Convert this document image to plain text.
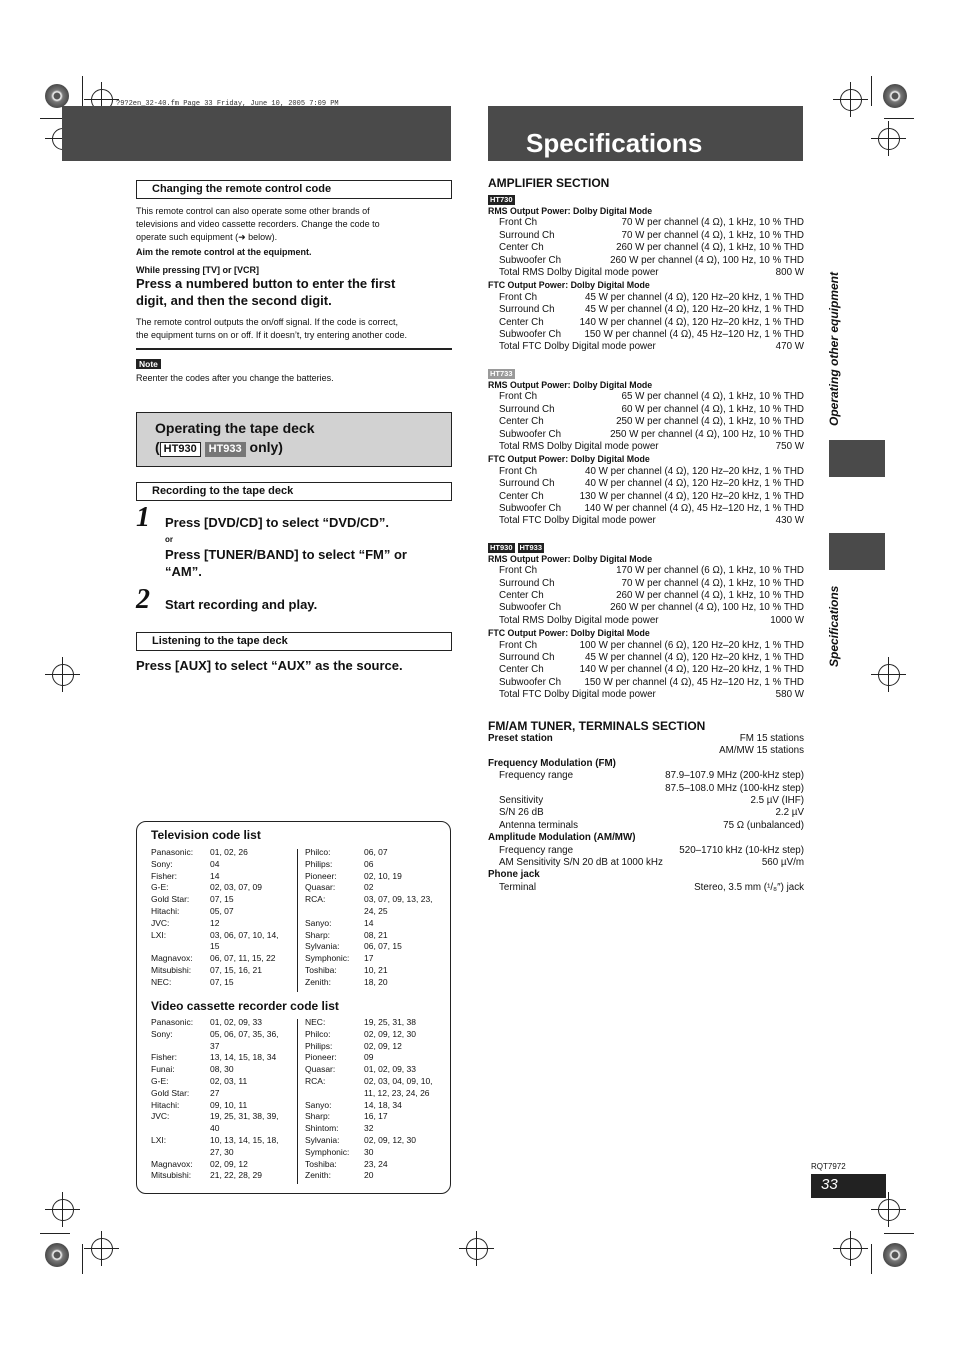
?9?2en_32-40.fm Page 33 Friday, June 10, 2005 7:09 PM
Specifications
Changing the remote control code
This remote control can also operate some other brands of
televisions and video cassette recorders. Change the code to
operate such equipment (➜ below).
Aim the remote control at the equipment.
While pressing [TV] or [VCR]
Press a numbered button to enter the first
digit, and then the second digit.
The remote control outputs the on/off signal. If the code is correct,
the equipment turns on or off. If it doesn’t, try entering another code.
Note
Reenter the codes after you change the batteries.
Operating the tape deck
( HT930 HT933 only)
Recording to the tape deck
1 Press [DVD/CD] to select “DVD/CD”.
or
Press [TUNER/BAND] to select “FM” or
“AM”.
2 Start recording and play.
Listening to the tape deck
Press [AUX] to select “AUX” as the source.
Television code list
Panasonic:	01, 02, 26
Sony:	04
Fisher:	14
G-E:	02, 03, 07, 09
Gold Star:	07, 15
Hitachi:	05, 07
JVC:	12
LXI:	03, 06, 07, 10, 14,
15
Magnavox:	06, 07, 11, 15, 22
Mitsubishi:	07, 15, 16, 21
NEC:	07, 15
Philco:	06, 07
Philips:	06
Pioneer:	02, 10, 19
Quasar:	02
RCA:	03, 07, 09, 13, 23,
24, 25
Sanyo:	14
Sharp:	08, 21
Sylvania:	06, 07, 15
Symphonic:	17
Toshiba:	10, 21
Zenith:	18, 20
Video cassette recorder code list
Panasonic:	01, 02, 09, 33
Sony:	05, 06, 07, 35, 36,
37
Fisher:	13, 14, 15, 18, 34
Funai:	08, 30
G-E:	02, 03, 11
Gold Star:	27
Hitachi:	09, 10, 11
JVC:	19, 25, 31, 38, 39,
40
LXI:	10, 13, 14, 15, 18,
27, 30
Magnavox:	02, 09, 12
Mitsubishi:	21, 22, 28, 29
NEC:	19, 25, 31, 38
Philco:	02, 09, 12, 30
Philips:	02, 09, 12
Pioneer:	09
Quasar:	01, 02, 09, 33
RCA:	02, 03, 04, 09, 10,
11, 12, 23, 24, 26
Sanyo:	14, 18, 34
Sharp:	16, 17
Shintom:	32
Sylvania:	02, 09, 12, 30
Symphonic:	30
Toshiba:	23, 24
Zenith:	20
AMPLIFIER SECTION
HT730
RMS Output Power: Dolby Digital Mode
Front Ch	70 W per channel (4 Ω), 1 kHz, 10 % THD
Surround Ch	70 W per channel (4 Ω), 1 kHz, 10 % THD
Center Ch	260 W per channel (4 Ω), 1 kHz, 10 % THD
Subwoofer Ch	260 W per channel (4 Ω), 100 Hz, 10 % THD
Total RMS Dolby Digital mode power	800 W
FTC Output Power: Dolby Digital Mode
Front Ch	45 W per channel (4 Ω), 120 Hz–20 kHz, 1 % THD
Surround Ch	45 W per channel (4 Ω), 120 Hz–20 kHz, 1 % THD
Center Ch	140 W per channel (4 Ω), 120 Hz–20 kHz, 1 % THD
Subwoofer Ch 150 W per channel (4 Ω), 45 Hz–120 Hz, 1 % THD
Total FTC Dolby Digital mode power	470 W
HT733
RMS Output Power: Dolby Digital Mode
Front Ch	65 W per channel (4 Ω), 1 kHz, 10 % THD
Surround Ch	60 W per channel (4 Ω), 1 kHz, 10 % THD
Center Ch	250 W per channel (4 Ω), 1 kHz, 10 % THD
Subwoofer Ch	250 W per channel (4 Ω), 100 Hz, 10 % THD
Total RMS Dolby Digital mode power	750 W
FTC Output Power: Dolby Digital Mode
Front Ch	40 W per channel (4 Ω), 120 Hz–20 kHz, 1 % THD
Surround Ch	40 W per channel (4 Ω), 120 Hz–20 kHz, 1 % THD
Center Ch	130 W per channel (4 Ω), 120 Hz–20 kHz, 1 % THD
Subwoofer Ch 140 W per channel (4 Ω), 45 Hz–120 Hz, 1 % THD
Total FTC Dolby Digital mode power	430 W
HT930 HT933
RMS Output Power: Dolby Digital Mode
Front Ch	170 W per channel (6 Ω), 1 kHz, 10 % THD
Surround Ch	70 W per channel (4 Ω), 1 kHz, 10 % THD
Center Ch	260 W per channel (4 Ω), 1 kHz, 10 % THD
Subwoofer Ch	260 W per channel (4 Ω), 100 Hz, 10 % THD
Total RMS Dolby Digital mode power	1000 W
FTC Output Power: Dolby Digital Mode
Front Ch	100 W per channel (6 Ω), 120 Hz–20 kHz, 1 % THD
Surround Ch	45 W per channel (4 Ω), 120 Hz–20 kHz, 1 % THD
Center Ch	140 W per channel (4 Ω), 120 Hz–20 kHz, 1 % THD
Subwoofer Ch 150 W per channel (4 Ω), 45 Hz–120 Hz, 1 % THD
Total FTC Dolby Digital mode power	580 W
FM/AM TUNER, TERMINALS SECTION
Preset station	FM 15 stations
AM/MW 15 stations
Frequency Modulation (FM)
Frequency range	87.9–107.9 MHz (200-kHz step)
87.5–108.0 MHz (100-kHz step)
Sensitivity	2.5 µV (IHF)
S/N 26 dB	2.2 µV
Antenna terminals	75 Ω (unbalanced)
Amplitude Modulation (AM/MW)
Frequency range	520–1710 kHz (10-kHz step)
AM Sensitivity S/N 20 dB at 1000 kHz	560 µV/m
Phone jack
Terminal	Stereo, 3.5 mm (¹/₈″) jack
Operating other equipment
Specifications
RQT7972
33
